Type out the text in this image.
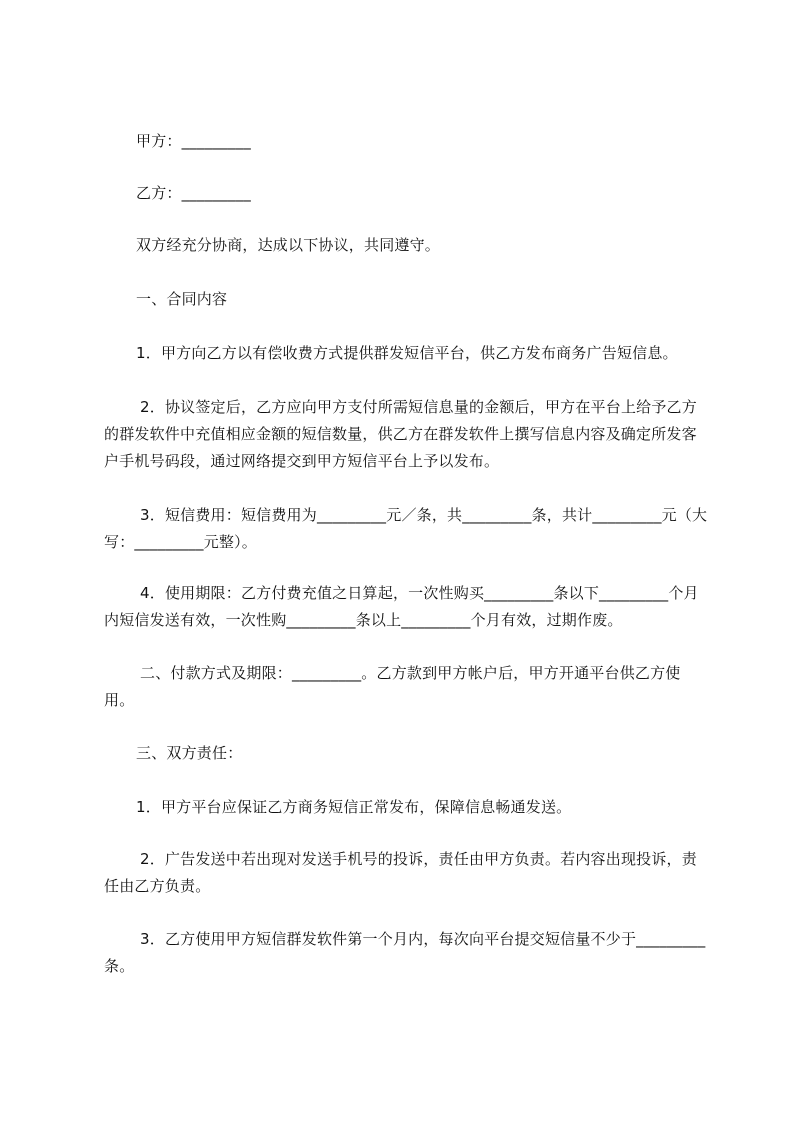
甲方：_________

乙方：_________

双方经充分协商，达成以下协议，共同遵守。

一、合同内容

1．甲方向乙方以有偿收费方式提供群发短信平台，供乙方发布商务广告短信息。

2．协议签定后，乙方应向甲方支付所需短信息量的金额后，甲方在平台上给予乙方的群发软件中充值相应金额的短信数量，供乙方在群发软件上撰写信息内容及确定所发客户手机号码段，通过网络提交到甲方短信平台上予以发布。

3．短信费用：短信费用为_________元／条，共_________条，共计_________元（大写：_________元整）。

4．使用期限：乙方付费充值之日算起，一次性购买_________条以下_________个月内短信发送有效，一次性购_________条以上_________个月有效，过期作废。

二、付款方式及期限：_________。乙方款到甲方帐户后，甲方开通平台供乙方使用。

三、双方责任：

1．甲方平台应保证乙方商务短信正常发布，保障信息畅通发送。

2．广告发送中若出现对发送手机号的投诉，责任由甲方负责。若内容出现投诉，责任由乙方负责。

3．乙方使用甲方短信群发软件第一个月内，每次向平台提交短信量不少于_________条。
